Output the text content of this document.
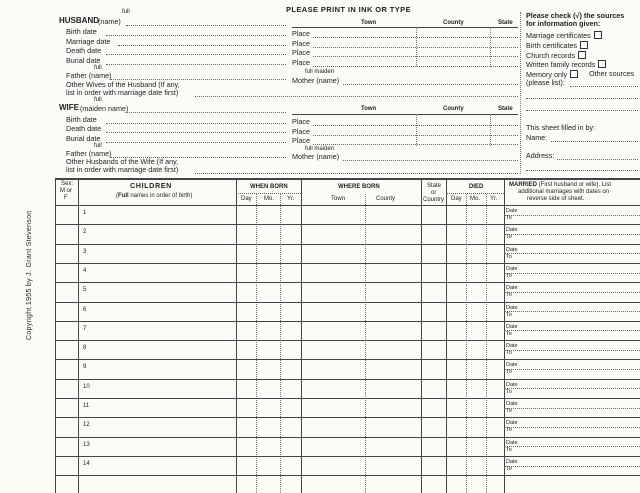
PLEASE PRINT IN INK OR TYPE
full
HUSBAND (name)	Town	County	State
Birth date
Marriage date
Death date
Burial date
Place
Place
Place
Place
full
Father (name)	full maiden
Mother (name)
Other Wives of the Husband (If any,
list in order with marriage date first)
full
WIFE (maiden name)	Town	County	State
Birth date
Death date
Burial date
Place
Place
Place
full
Father (name)	full maiden
Mother (name)
Other Husbands of the Wife (If any,
list in order with marriage date first)
Please check (√) the sources
for information given:
Marriage certificates
Birth certificates
Church records
Written family records
Memory only	Other sources
(please list):
This sheet filled in by:
Name:
Address:
Copyright 1955 by J. Grant Stevenson
Sex:
M or
F
CHILDREN
(Full names in order of birth)
WHEN BORN
Day Mo. Yr.
WHERE BORN
Town	County
State
or
Country
DIED
Day Mo. Yr.
MARRIED (First husband or wife). List
additional marriages with dates on
reverse side of sheet.
1	Date
To
2	Date
To
3	Date
To
4	Date
To
5	Date
To
6	Date
To
7	Date
To
8	Date
To
9	Date
To
10	Date
To
11	Date
To
12	Date
To
13	Date
To
14	Date
To
